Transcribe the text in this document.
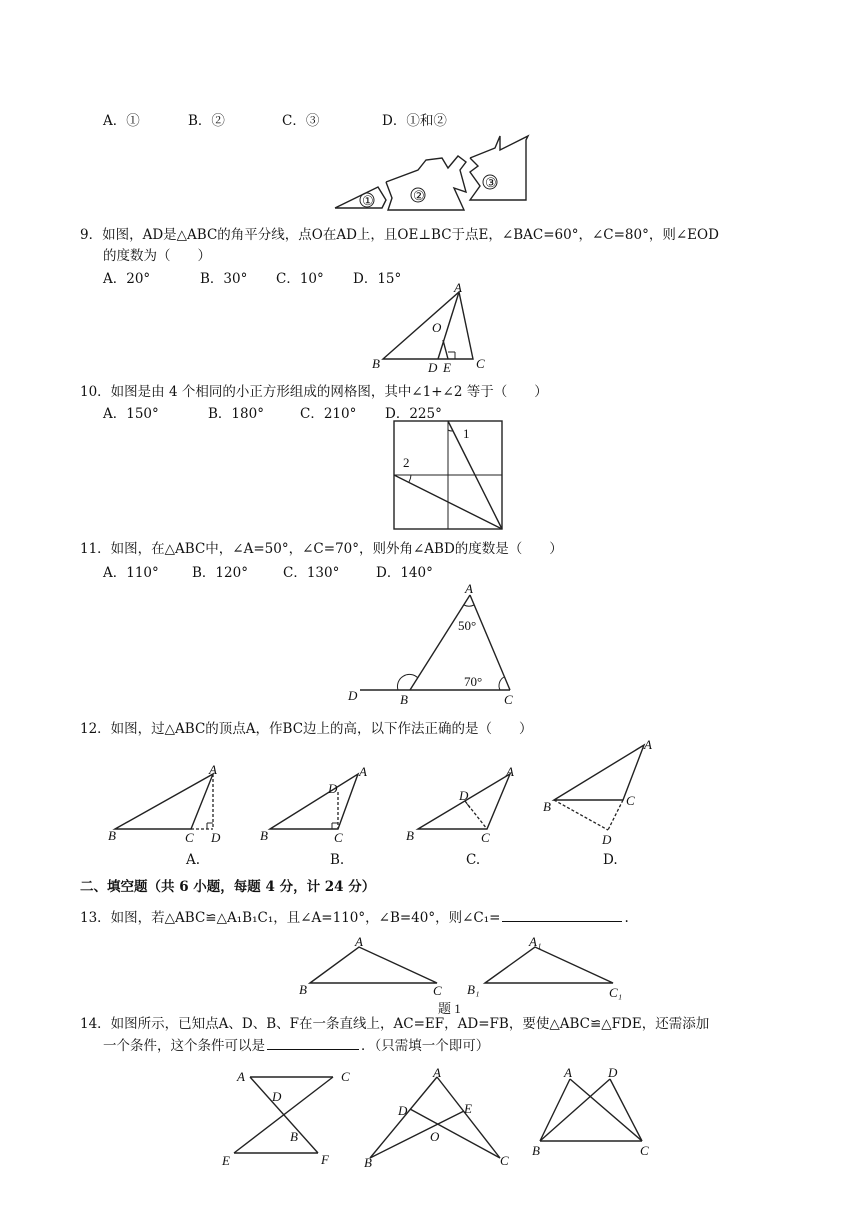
A．①	B．②	C．③	D．①和②
①	②
③
9．如图，AD是△ABC的角平分线，点O在AD上，且OE⊥BC于点E，∠BAC=60°，∠C=80°，则∠EOD
的度数为（　　）
A．20°	B．30° C．10° D．15°
A
B	C
D E
O
10．如图是由 4 个相同的小正方形组成的网格图，其中∠1+∠2 等于（　　）
A．150°	B．180°	C．210° D．225°
1
2
11．如图，在△ABC中，∠A=50°，∠C=70°，则外角∠ABD的度数是（　　）
A．110° B．120°	C．130°	D．140°
A
B	C
D
50°
70°
12．如图，过△ABC的顶点A，作BC边上的高，以下作法正确的是（　　）
A
B	C D
A.
A
B	C
D
B.
A
B	C
D
C.
A
B	C
D
D.
二、填空题（共 6 小题，每题 4 分，计 24 分）
13．如图，若△ABC≌△A₁B₁C₁，且∠A=110°，∠B=40°，则∠C₁=	.
A
B	C
A₁
B₁	C₁
题 1
14．如图所示，已知点A、D、B、F在一条直线上，AC=EF，AD=FB，要使△ABC≌△FDE，还需添加
一个条件，这个条件可以是	．（只需填一个即可）
A	C
D
B
E	F
A
D	E
O
B	C
A	D
B	C
